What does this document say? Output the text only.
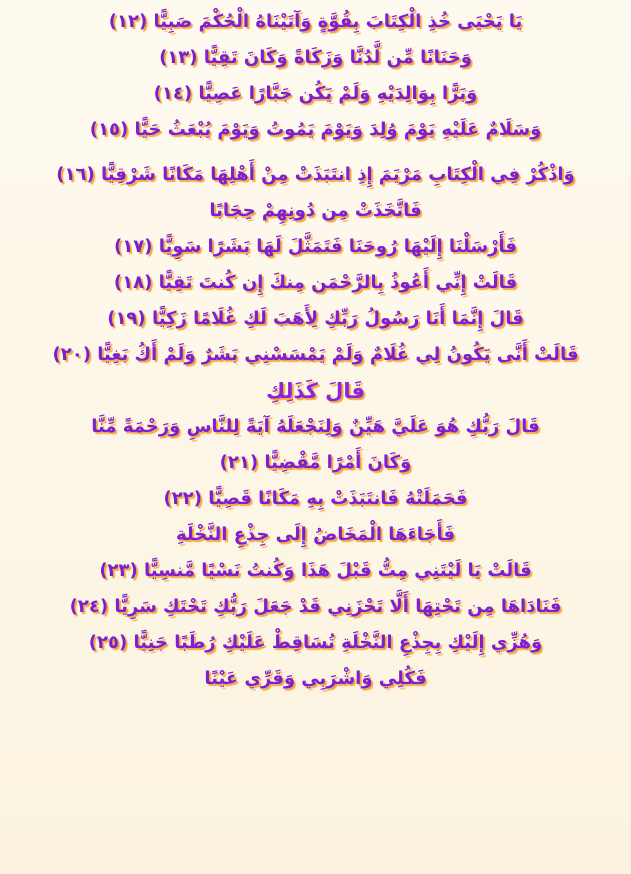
يَا يَحْيَى خُذِ الْكِتَابَ بِقُوَّةٍ وَآتَيْنَاهُ الْحُكْمَ صَبِيًّا (١٢)
وَحَنَانًا مِّن لَّدُنَّا وَزَكَاةً وَكَانَ تَقِيًّا (١٣)
وَبَرًّا بِوَالِدَيْهِ وَلَمْ يَكُن جَبَّارًا عَصِيًّا (١٤)
وَسَلَامٌ عَلَيْهِ يَوْمَ وُلِدَ وَيَوْمَ يَمُوتُ وَيَوْمَ يُبْعَثُ حَيًّا (١٥)
وَاذْكُرْ فِي الْكِتَابِ مَرْيَمَ إِذِ انتَبَذَتْ مِنْ أَهْلِهَا مَكَانًا شَرْقِيًّا (١٦)
فَاتَّخَذَتْ مِن دُونِهِمْ حِجَابًا
فَأَرْسَلْنَا إِلَيْهَا رُوحَنَا فَتَمَثَّلَ لَهَا بَشَرًا سَوِيًّا (١٧)
قَالَتْ إِنِّي أَعُوذُ بِالرَّحْمَن مِنكَ إِن كُنتَ تَقِيًّا (١٨)
قَالَ إِنَّمَا أَنَا رَسُولُ رَبِّكِ لِأَهَبَ لَكِ غُلَامًا زَكِيًّا (١٩)
قَالَتْ أَنَّى يَكُونُ لِي غُلَامٌ وَلَمْ يَمْسَسْنِي بَشَرٌ وَلَمْ أَكُ بَغِيًّا (٢٠)
قَالَ كَذَلِكِ
قَالَ رَبُّكِ هُوَ عَلَيَّ هَيِّنٌ وَلِنَجْعَلَهُ آيَةً لِلنَّاسِ وَرَحْمَةً مِّنَّا
وَكَانَ أَمْرًا مَّقْضِيًّا (٢١)
فَحَمَلَتْهُ فَانتَبَذَتْ بِهِ مَكَانًا قَصِيًّا (٢٢)
فَأَجَاءَهَا الْمَخَاضُ إِلَى جِذْعِ النَّخْلَةِ
قَالَتْ يَا لَيْتَنِي مِتُّ قَبْلَ هَذَا وَكُنتُ نَسْيًا مَّنسِيًّا (٢٣)
فَنَادَاهَا مِن تَحْتِهَا أَلَّا تَحْزَنِي قَدْ جَعَلَ رَبُّكِ تَحْتَكِ سَرِيًّا (٢٤)
وَهُزِّي إِلَيْكِ بِجِذْعِ النَّخْلَةِ تُسَاقِطْ عَلَيْكِ رُطَبًا جَنِيًّا (٢٥)
فَكُلِي وَاشْرَبِي وَقَرِّي عَيْنًا
